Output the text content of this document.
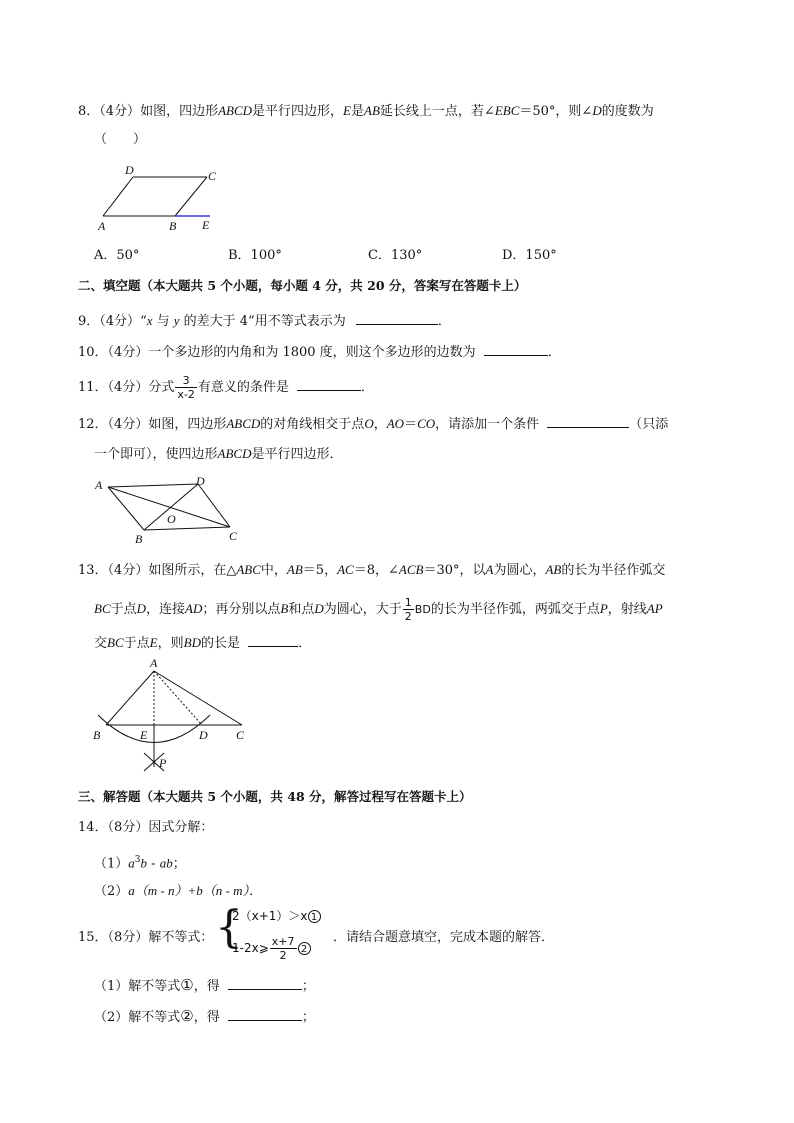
8．（4分）如图，四边形ABCD是平行四边形，E是AB延长线上一点，若∠EBC＝50°，则∠D的度数为
（　　）
D	C
A	B E
A．50°	B．100°	C．130°	D．150°
二、填空题（本大题共 5 个小题，每小题 4 分，共 20 分，答案写在答题卡上）
9．（4分）“x 与 y 的差大于 4”用不等式表示为	．
10．（4分）一个多边形的内角和为 1800 度，则这个多边形的边数为	．
11．（4分）分式 $\frac{3}{x-2}$ 有意义的条件是	．
12．（4分）如图，四边形ABCD的对角线相交于点O，AO＝CO，请添加一个条件	（只添
一个即可），使四边形ABCD是平行四边形．
A	D
C
B
O
13．（4分）如图所示，在△ABC中，AB＝5，AC＝8，∠ACB＝30°，以A为圆心，AB的长为半径作弧交
BC于点D，连接AD；再分别以点B和点D为圆心，大于 $\frac{1}{2}$ BD的长为半径作弧，两弧交于点P，射线AP
交BC于点E，则BD的长是	．
A
B	E	D C
P
三、解答题（本大题共 5 个小题，共 48 分，解答过程写在答题卡上）
14．（8分）因式分解：
$(1)a^3b$ - ab；
（2）a（m - n）+b（n - m）．
15．（8分）解不等式： {
2（x+1）＞x 1
1-2x⩾ $\frac{x+7}{2} 2$
．请结合题意填空，完成本题的解答．
（1）解不等式①，得	；
（2）解不等式②，得	；
